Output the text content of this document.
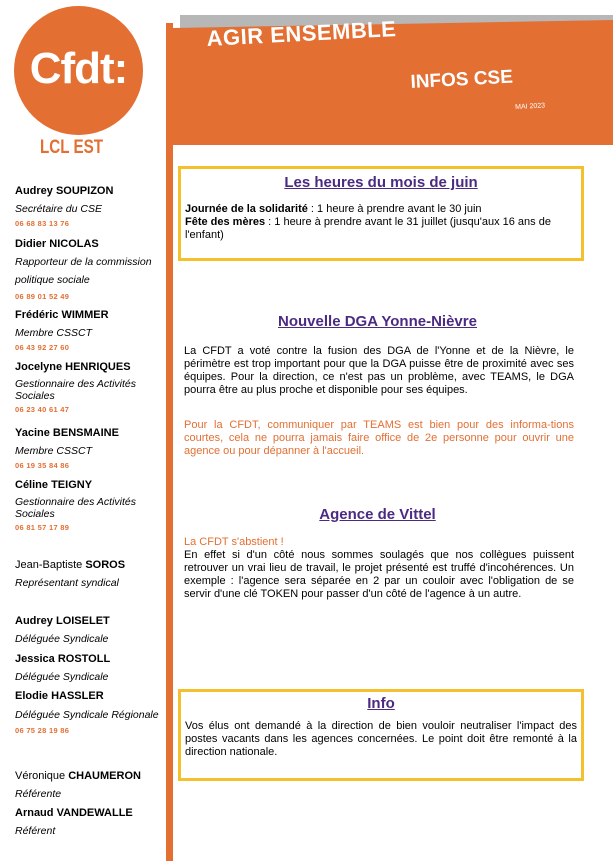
Cfdt:
LCL EST
Audrey SOUPIZON
Secrétaire du CSE
06 68 83 13 76
Didier NICOLAS
Rapporteur de la commission politique sociale
06 89 01 52 49
Frédéric WIMMER
Membre CSSCT
06 43 92 27 60
Jocelyne HENRIQUES
Gestionnaire des Activités Sociales
06 23 40 61 47
Yacine BENSMAINE
Membre CSSCT
06 19 35 84 86
Céline TEIGNY
Gestionnaire des Activités Sociales
06 81 57 17 89
Jean-Baptiste SOROS
Représentant syndical
Audrey LOISELET
Déléguée Syndicale
Jessica ROSTOLL
Déléguée Syndicale
Elodie HASSLER
Déléguée Syndicale Régionale
06 75 28 19 86
Véronique CHAUMERON
Référente
Arnaud VANDEWALLE
Référent
AGIR ENSEMBLE
INFOS CSE
MAI 2023
Les heures du mois de juin
Journée de la solidarité : 1 heure à prendre avant le 30 juin
Fête des mères : 1 heure à prendre avant le 31 juillet (jusqu'aux 16 ans de l'enfant)
Nouvelle DGA Yonne-Nièvre
La CFDT a voté contre la fusion des DGA de l'Yonne et de la Nièvre, le périmètre est trop important pour que la DGA puisse être de proximité avec ses équipes. Pour la direction, ce n'est pas un problème, avec TEAMS, le DGA pourra être au plus proche et disponible pour ses équipes.
Pour la CFDT, communiquer par TEAMS est bien pour des informa-tions courtes, cela ne pourra jamais faire office de 2e personne pour ouvrir une agence ou pour dépanner à l'accueil.
Agence de Vittel
La CFDT s'abstient !
En effet si d'un côté nous sommes soulagés que nos collègues puissent retrouver un vrai lieu de travail, le projet présenté est truffé d'incohérences. Un exemple : l'agence sera séparée en 2 par un couloir avec l'obligation de se servir d'une clé TOKEN pour passer d'un côté de l'agence à un autre.
Info
Vos élus ont demandé à la direction de bien vouloir neutraliser l'impact des postes vacants dans les agences concernées. Le point doit être remonté à la direction nationale.
